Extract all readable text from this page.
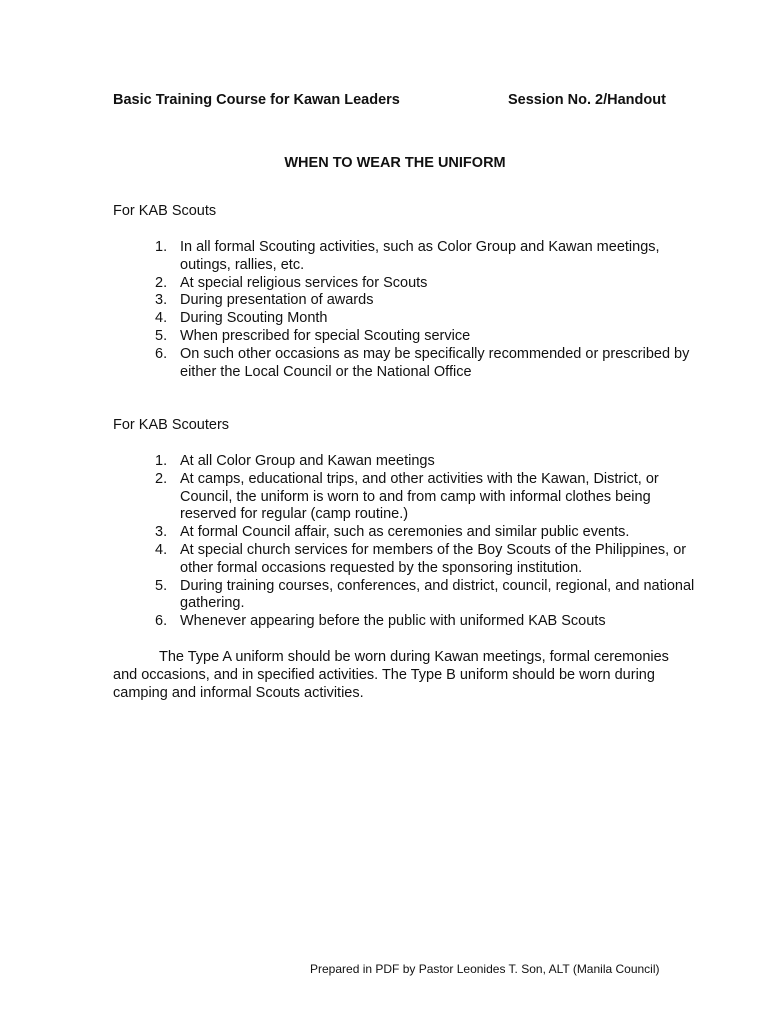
Basic Training Course for Kawan Leaders	Session No. 2/Handout
WHEN TO WEAR THE UNIFORM
For KAB Scouts
1. In all formal Scouting activities, such as Color Group and Kawan meetings, outings, rallies, etc.
2. At special religious services for Scouts
3. During presentation of awards
4. During Scouting Month
5. When prescribed for special Scouting service
6. On such other occasions as may be specifically recommended or prescribed by either the Local Council or the National Office
For KAB Scouters
1. At all Color Group and Kawan meetings
2. At camps, educational trips, and other activities with the Kawan, District, or Council, the uniform is worn to and from camp with informal clothes being reserved for regular (camp routine.)
3. At formal Council affair, such as ceremonies and similar public events.
4. At special church services for members of the Boy Scouts of the Philippines, or other formal occasions requested by the sponsoring institution.
5. During training courses, conferences, and district, council, regional, and national gathering.
6. Whenever appearing before the public with uniformed KAB Scouts

The Type A uniform should be worn during Kawan meetings, formal ceremonies and occasions, and in specified activities. The Type B uniform should be worn during camping and informal Scouts activities.

Prepared in PDF by Pastor Leonides T. Son, ALT (Manila Council)
